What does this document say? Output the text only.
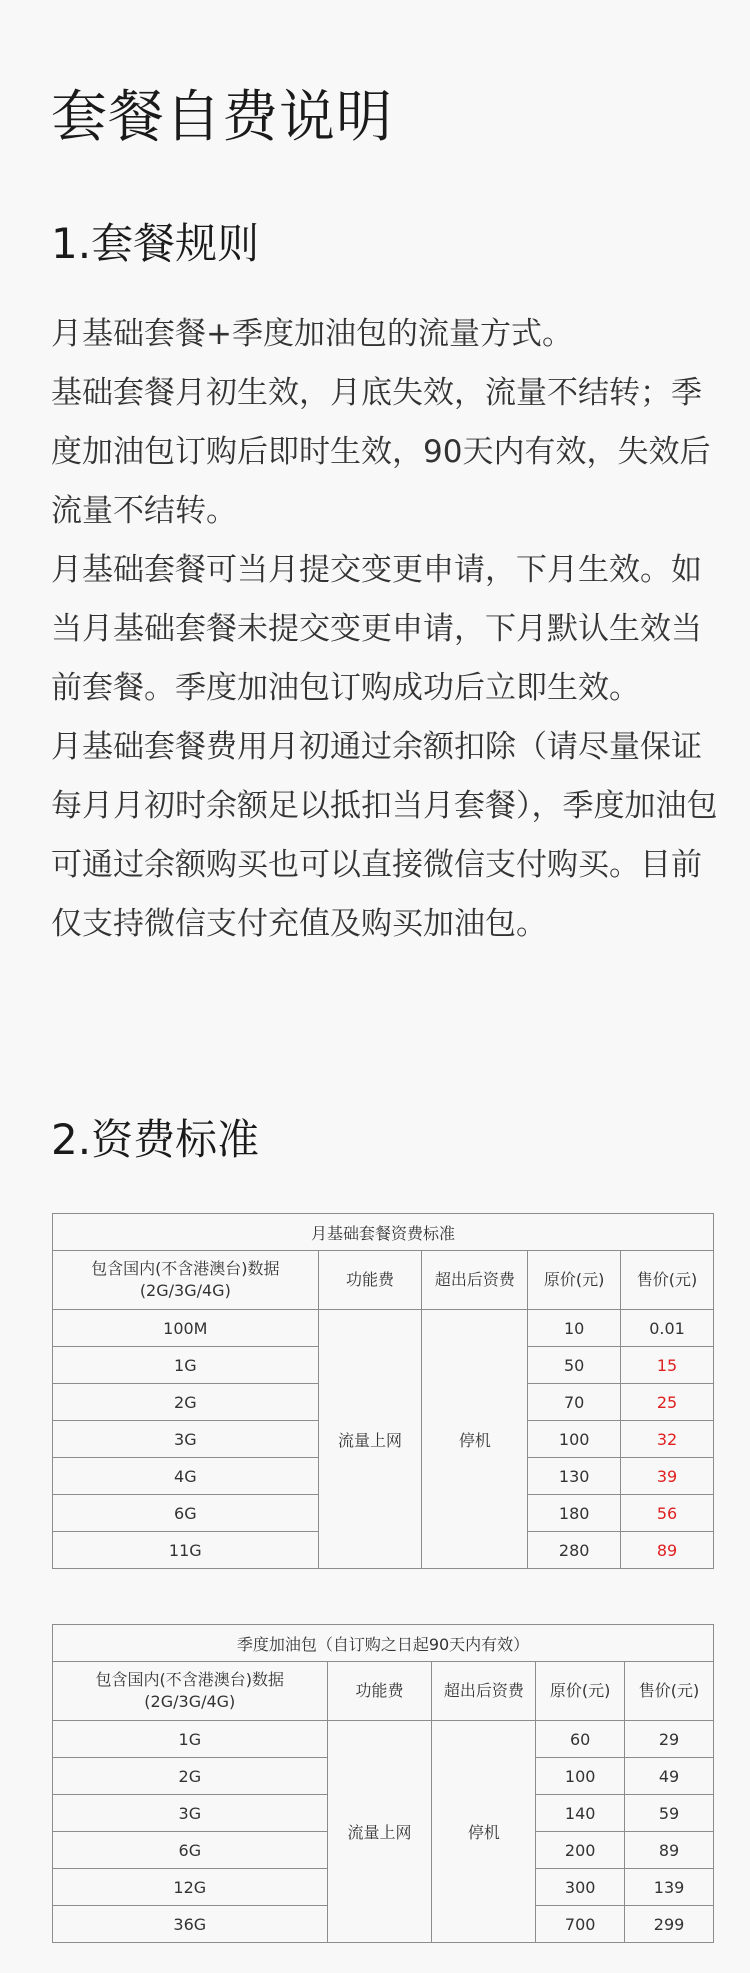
套餐自费说明
1.套餐规则

月基础套餐+季度加油包的流量方式。

基础套餐月初生效，月底失效，流量不结转；季度加油包订购后即时生效，90天内有效，失效后流量不结转。

月基础套餐可当月提交变更申请，下月生效。如当月基础套餐未提交变更申请，下月默认生效当前套餐。季度加油包订购成功后立即生效。

月基础套餐费用月初通过余额扣除（请尽量保证每月月初时余额足以抵扣当月套餐），季度加油包可通过余额购买也可以直接微信支付购买。目前仅支持微信支付充值及购买加油包。

2.资费标准
月基础套餐资费标准				
包含国内(不含港澳台)数据
(2G/3G/4G)	功能费	超出后资费	原价(元)	售价(元)
100M	流量上网	停机	10	0.01
1G			50	15
2G			70	25
3G			100	32
4G			130	39
6G			180	56
11G			280	89
季度加油包（自订购之日起90天内有效）				
包含国内(不含港澳台)数据
(2G/3G/4G)	功能费	超出后资费	原价(元)	售价(元)
1G	流量上网	停机	60	29
2G			100	49
3G			140	59
6G			200	89
12G			300	139
36G			700	299
